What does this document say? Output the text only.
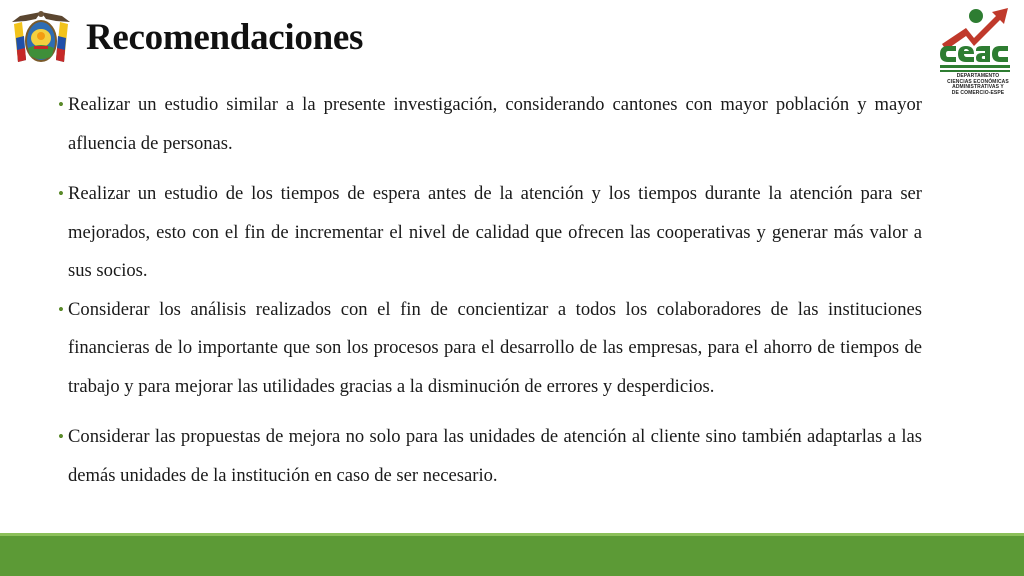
Recomendaciones
DEPARTAMENTO
CIENCIAS ECONÓMICAS
ADMINISTRATIVAS Y
DE COMERCIO-ESPE
• Realizar un estudio similar a la presente investigación, considerando cantones con mayor población y mayor afluencia de personas.
• Realizar un estudio de los tiempos de espera antes de la atención y los tiempos durante la atención para ser mejorados, esto con el fin de incrementar el nivel de calidad que ofrecen las cooperativas y generar más valor a sus socios.
• Considerar los análisis realizados con el fin de concientizar a todos los colaboradores de las instituciones financieras de lo importante que son los procesos para el desarrollo de las empresas, para el ahorro de tiempos de trabajo y para mejorar las utilidades gracias a la disminución de errores y desperdicios.
• Considerar las propuestas de mejora no solo para las unidades de atención al cliente sino también adaptarlas a las demás unidades de la institución en caso de ser necesario.
